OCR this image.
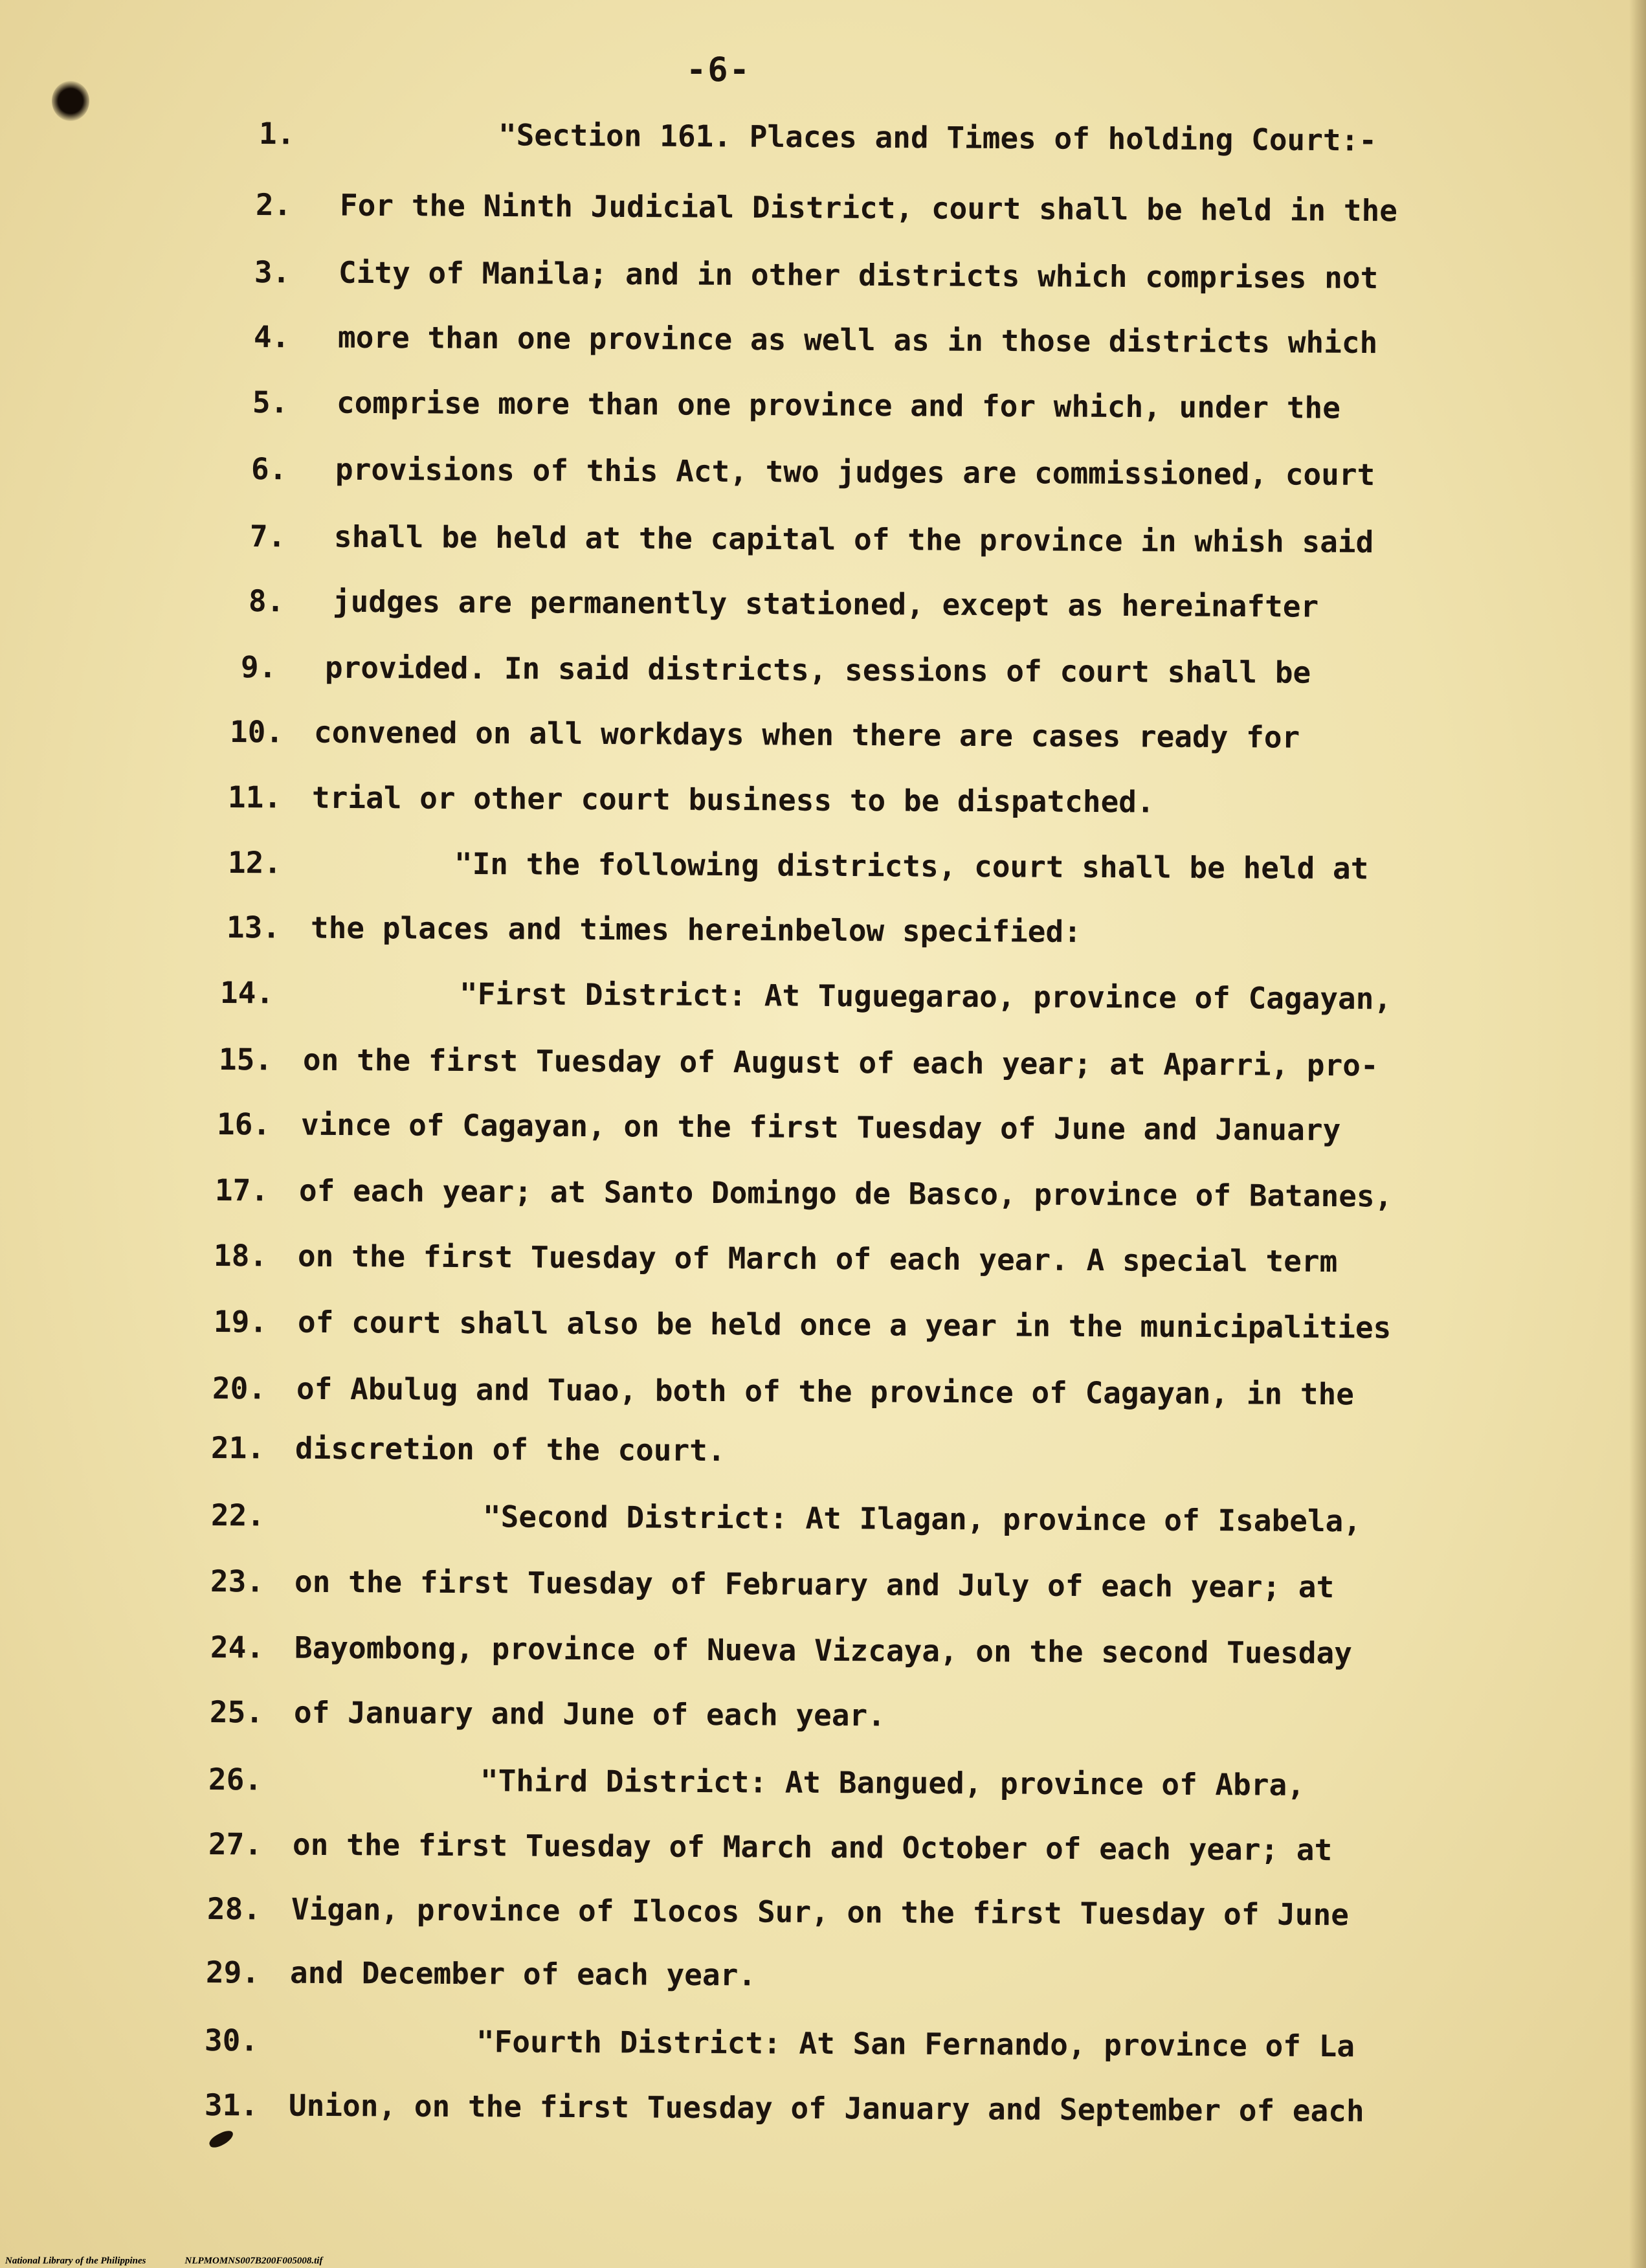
-6-
1.	"Section 161. Places and Times of holding Court:-
2. For the Ninth Judicial District, court shall be held in the
3. City of Manila; and in other districts which comprises not
4. more than one province as well as in those districts which
5. comprise more than one province and for which, under the
6. provisions of this Act, two judges are commissioned, court
7. shall be held at the capital of the province in whish said
8. judges are permanently stationed, except as hereinafter
9. provided. In said districts, sessions of court shall be
10. convened on all workdays when there are cases ready for
11. trial or other court business to be dispatched.
12.	"In the following districts, court shall be held at
13. the places and times hereinbelow specified:
14.	"First District: At Tuguegarao, province of Cagayan,
15. on the first Tuesday of August of each year; at Aparri, pro-
16. vince of Cagayan, on the first Tuesday of June and January
17. of each year; at Santo Domingo de Basco, province of Batanes,
18. on the first Tuesday of March of each year. A special term
19. of court shall also be held once a year in the municipalities
20. of Abulug and Tuao, both of the province of Cagayan, in the
21. discretion of the court.
22.	"Second District: At Ilagan, province of Isabela,
23. on the first Tuesday of February and July of each year; at
24. Bayombong, province of Nueva Vizcaya, on the second Tuesday
25. of January and June of each year.
26.	"Third District: At Bangued, province of Abra,
27. on the first Tuesday of March and October of each year; at
28. Vigan, province of Ilocos Sur, on the first Tuesday of June
29. and December of each year.
30.	"Fourth District: At San Fernando, province of La
31. Union, on the first Tuesday of January and September of each
National Library of the Philippines	NLPMOMNS007B200F005008.tif
